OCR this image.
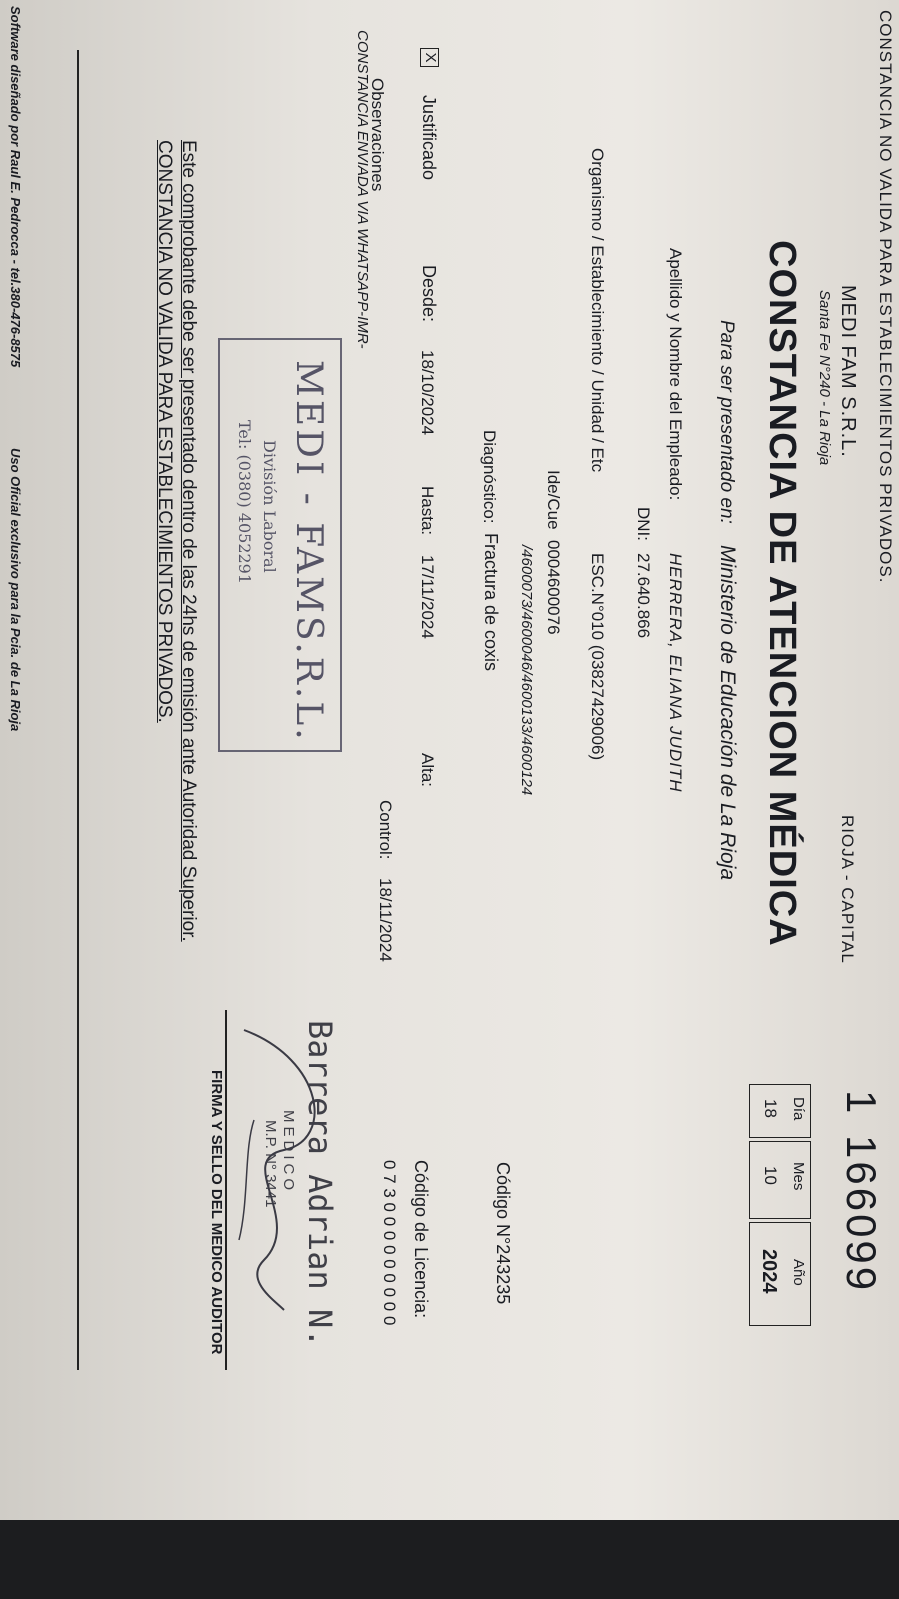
CONSTANCIA NO VALIDA PARA ESTABLECIMIENTOS PRIVADOS.
MEDI FAM S.R.L.
Santa Fe N°240 - La Rioja
RIOJA - CAPITAL
1
166099
CONSTANCIA DE ATENCION MÉDICA
Día
18
Mes
10
Año
2024
Para ser presentado en:
Ministerio de Educación de La Rioja
Apellido y Nombre del Empleado:
HERRERA, ELIANA JUDITH
DNI:
27.640.866
Organismo / Establecimiento / Unidad / Etc
ESC.N°010 (03827429006)
Ide/Cue
0004600076
/4600073/4600046/4600133/4600124
Diagnóstico:
Fractura de coxis
Código N°243235
X
Justificado
Desde:
18/10/2024
Hasta:
17/11/2024
Alta:
Control:
18/11/2024
Código de Licencia:
0 7 3 0 0 0 0 0 0 0 0 0
Observaciones
CONSTANCIA ENVIADA VIA WHATSAPP-IMR-
MEDI - FAMS.R.L.
División Laboral
Tel: (0380) 4052291
Barrera Adrian N.
MEDICO
M.P. N° 3441
FIRMA Y SELLO DEL MEDICO AUDITOR
Este comprobante debe ser presentado dentro de las 24hs de emisión ante Autoridad Superior.
CONSTANCIA NO VALIDA PARA ESTABLECIMIENTOS PRIVADOS.
Software diseñado por Raul E. Pedrocca - tel.380-476-8575
Uso Oficial exclusivo para la Pcia. de La Rioja
